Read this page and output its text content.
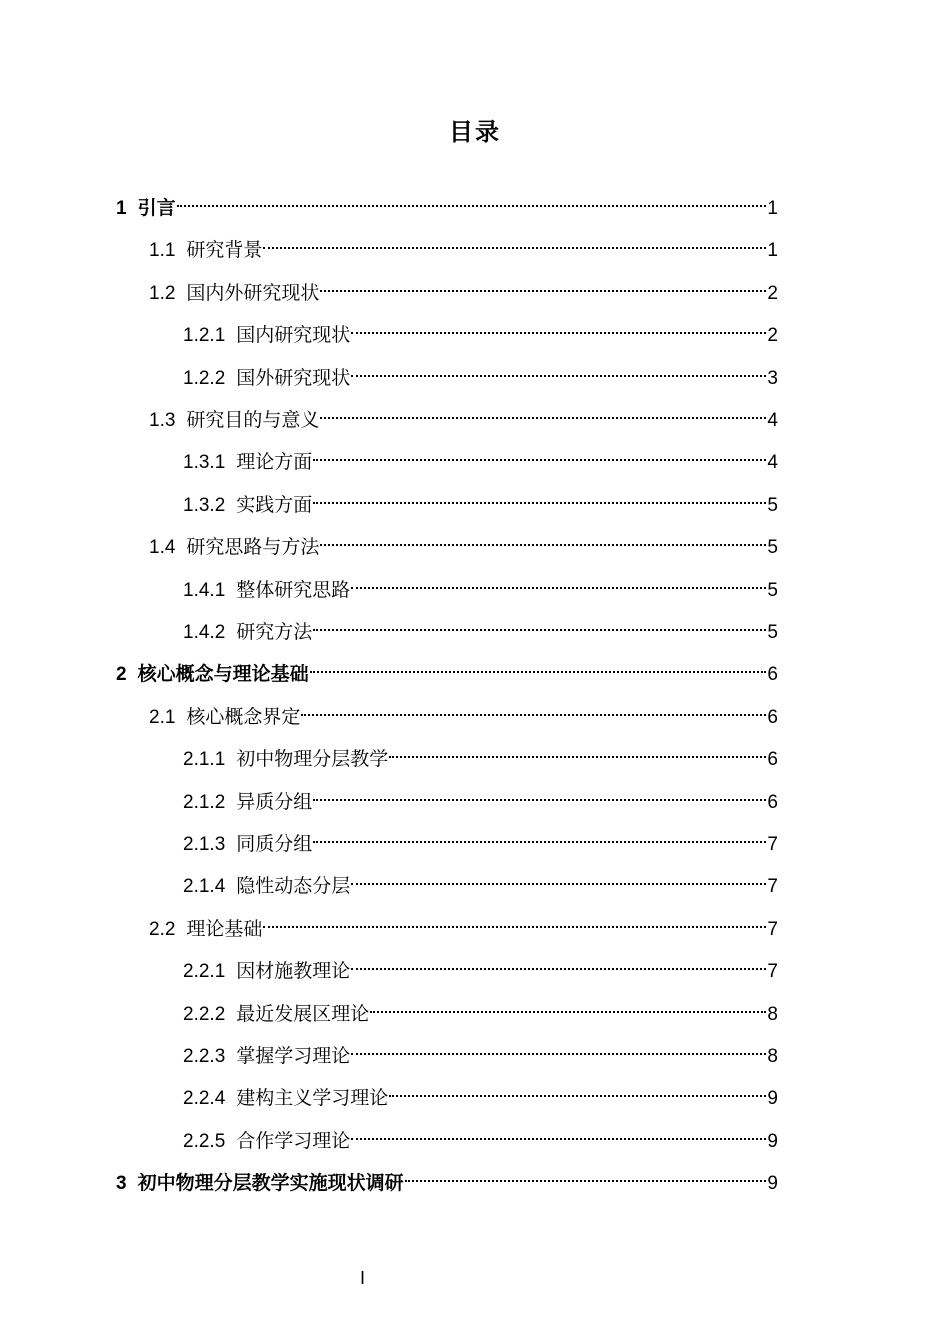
目录
1 引言	1
1.1 研究背景	1
1.2 国内外研究现状	2
1.2.1 国内研究现状	2
1.2.2 国外研究现状	3
1.3 研究目的与意义	4
1.3.1 理论方面	4
1.3.2 实践方面	5
1.4 研究思路与方法	5
1.4.1 整体研究思路	5
1.4.2 研究方法	5
2 核心概念与理论基础	6
2.1 核心概念界定	6
2.1.1 初中物理分层教学	6
2.1.2 异质分组	6
2.1.3 同质分组	7
2.1.4 隐性动态分层	7
2.2 理论基础	7
2.2.1 因材施教理论	7
2.2.2 最近发展区理论	8
2.2.3 掌握学习理论	8
2.2.4 建构主义学习理论	9
2.2.5 合作学习理论	9
3 初中物理分层教学实施现状调研	9
I
